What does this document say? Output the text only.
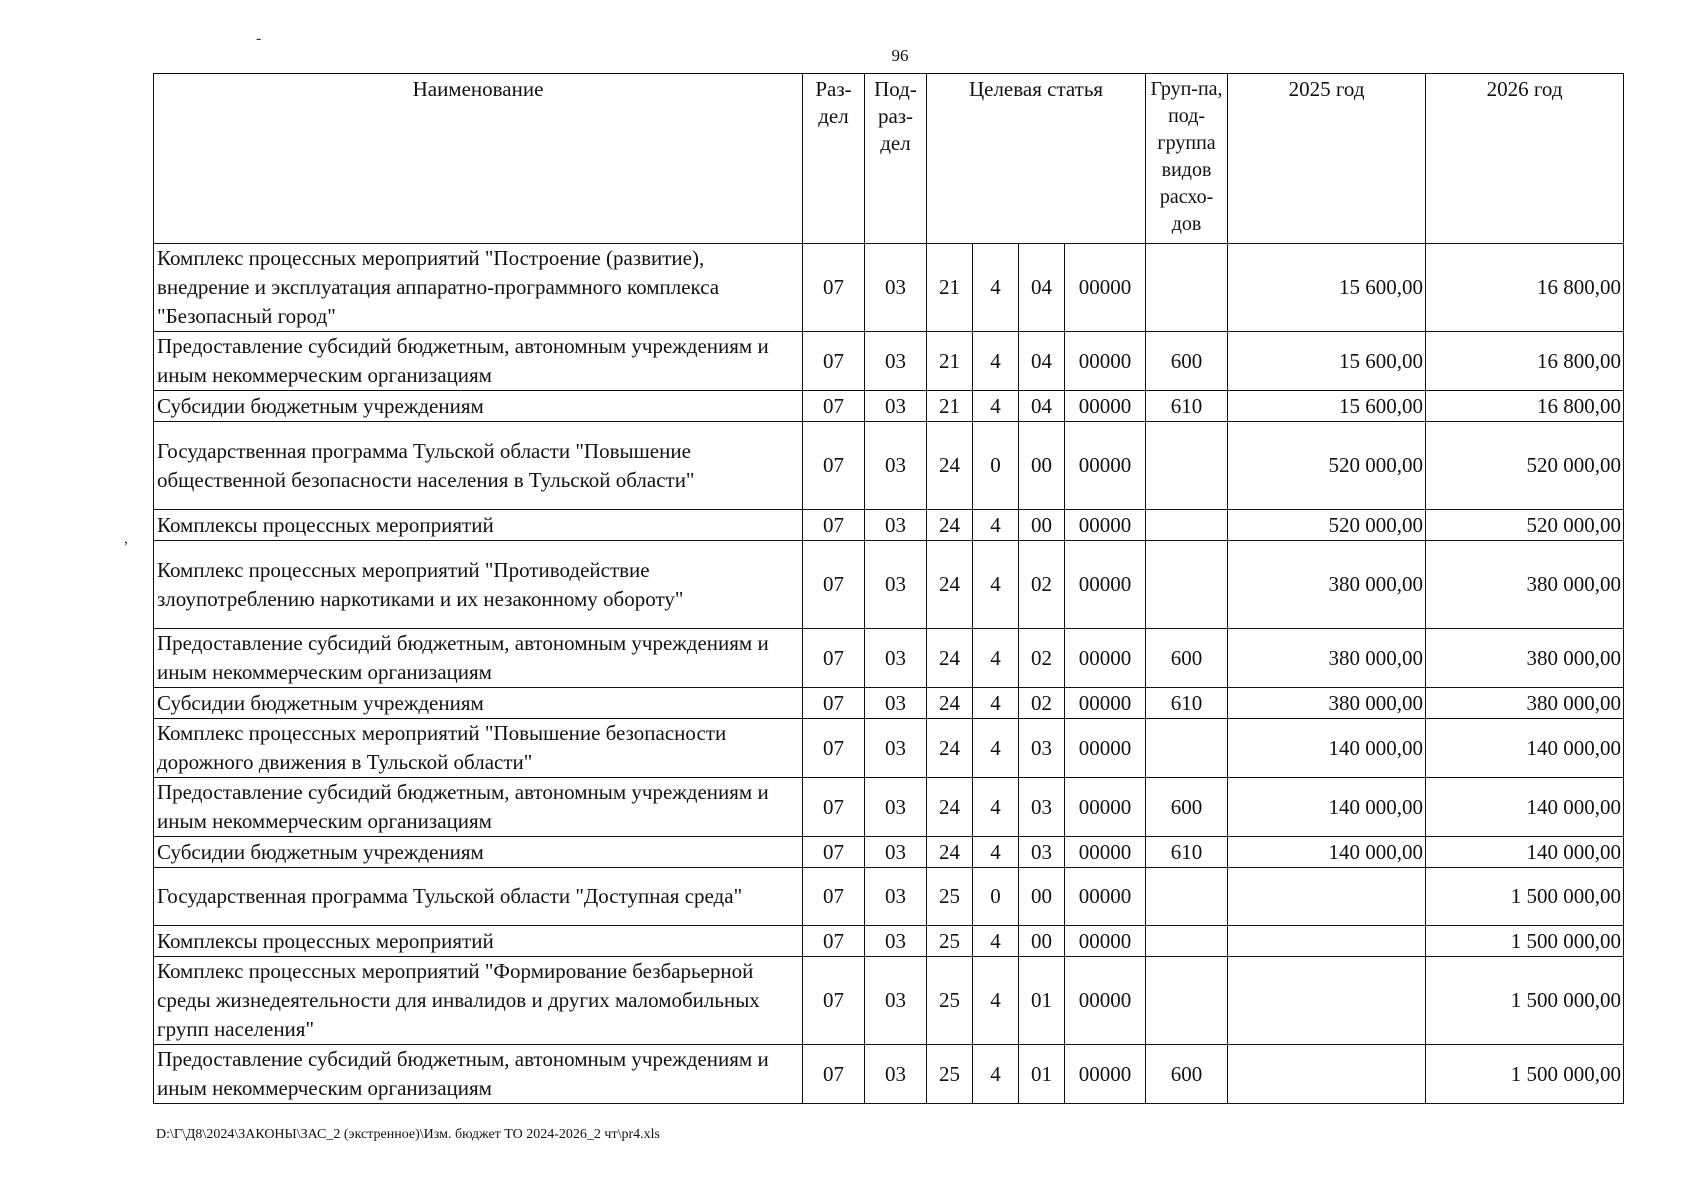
96
-
,
Наименование	Раз-дел	Под-раз-дел	Целевая статья				Груп-па, под-группа видов расхо-дов	2025 год	2026 год
Комплекс процессных мероприятий "Построение (развитие), внедрение и эксплуатация аппаратно-программного комплекса "Безопасный город"	07	03	21	4	04	00000		15 600,00	16 800,00
Предоставление субсидий бюджетным, автономным учреждениям и иным некоммерческим организациям	07	03	21	4	04	00000	600	15 600,00	16 800,00
Субсидии бюджетным учреждениям	07	03	21	4	04	00000	610	15 600,00	16 800,00
Государственная программа Тульской области "Повышение общественной безопасности населения в Тульской области"	07	03	24	0	00	00000		520 000,00	520 000,00
Комплексы процессных мероприятий	07	03	24	4	00	00000		520 000,00	520 000,00
Комплекс процессных мероприятий "Противодействие злоупотреблению наркотиками и их незаконному обороту"	07	03	24	4	02	00000		380 000,00	380 000,00
Предоставление субсидий бюджетным, автономным учреждениям и иным некоммерческим организациям	07	03	24	4	02	00000	600	380 000,00	380 000,00
Субсидии бюджетным учреждениям	07	03	24	4	02	00000	610	380 000,00	380 000,00
Комплекс процессных мероприятий "Повышение безопасности дорожного движения в Тульской области"	07	03	24	4	03	00000		140 000,00	140 000,00
Предоставление субсидий бюджетным, автономным учреждениям и иным некоммерческим организациям	07	03	24	4	03	00000	600	140 000,00	140 000,00
Субсидии бюджетным учреждениям	07	03	24	4	03	00000	610	140 000,00	140 000,00
Государственная программа Тульской области "Доступная среда"	07	03	25	0	00	00000			1 500 000,00
Комплексы процессных мероприятий	07	03	25	4	00	00000			1 500 000,00
Комплекс процессных мероприятий "Формирование безбарьерной среды жизнедеятельности для инвалидов и других маломобильных групп населения"	07	03	25	4	01	00000			1 500 000,00
Предоставление субсидий бюджетным, автономным учреждениям и иным некоммерческим организациям	07	03	25	4	01	00000	600		1 500 000,00
D:\Г\Д8\2024\ЗАКОНЫ\ЗАС_2 (экстренное)\Изм. бюджет ТО 2024-2026_2 чт\pr4.xls
